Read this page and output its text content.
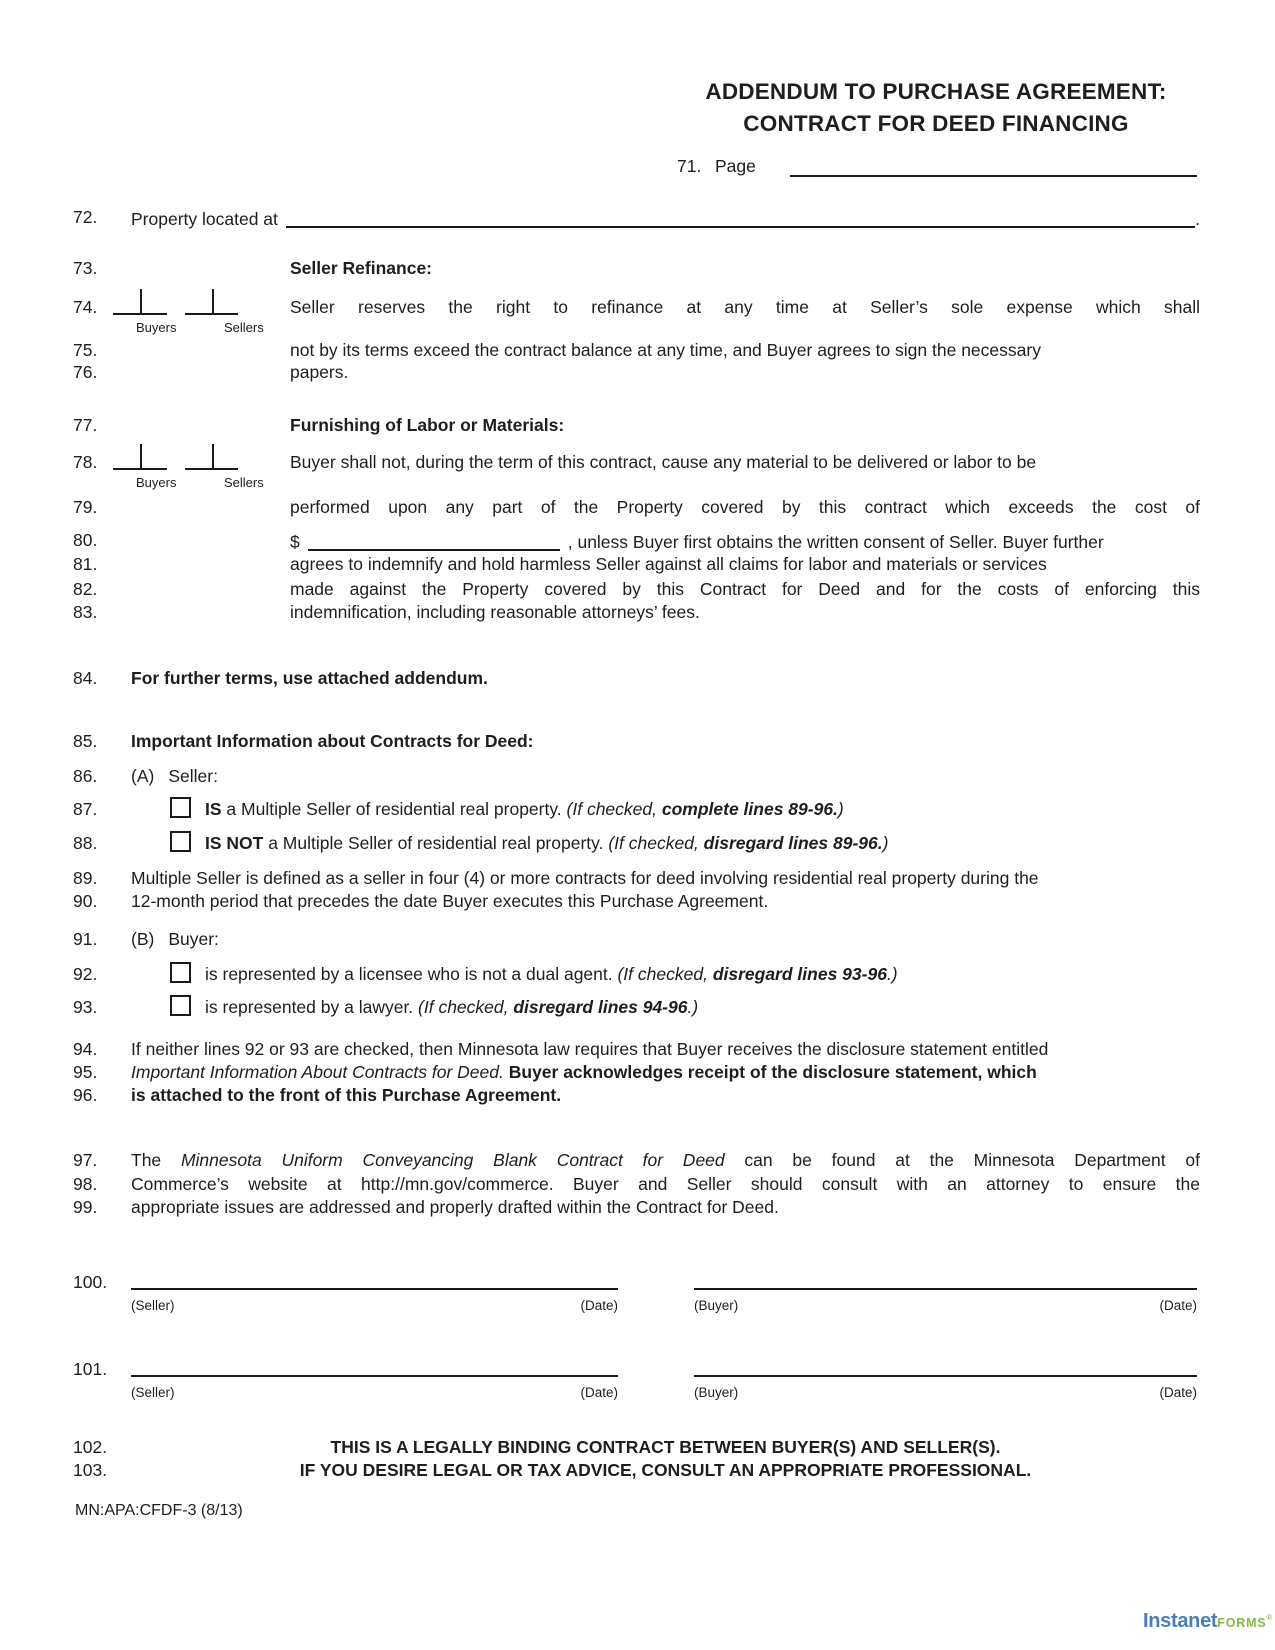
ADDENDUM TO PURCHASE AGREEMENT:
CONTRACT FOR DEED FINANCING
71. Page
72. Property located at	.
73.	Seller Refinance:
74.
Buyers	Sellers
Seller reserves the right to refinance at any time at Seller’s sole expense which shall
75.	not by its terms exceed the contract balance at any time, and Buyer agrees to sign the necessary
76.	papers.
77.	Furnishing of Labor or Materials:
78.
Buyers	Sellers
Buyer shall not, during the term of this contract, cause any material to be delivered or labor to be
79.	performed upon any part of the Property covered by this contract which exceeds the cost of
80.	$	, unless Buyer first obtains the written consent of Seller. Buyer further
81.	agrees to indemnify and hold harmless Seller against all claims for labor and materials or services
82.	made against the Property covered by this Contract for Deed and for the costs of enforcing this
83.	indemnification, including reasonable attorneys’ fees.
84. For further terms, use attached addendum.
85. Important Information about Contracts for Deed:
86. (A) Seller:
87.	IS a Multiple Seller of residential real property. (If checked, complete lines 89-96.)
88.	IS NOT a Multiple Seller of residential real property. (If checked, disregard lines 89-96.)
89. Multiple Seller is defined as a seller in four (4) or more contracts for deed involving residential real property during the
90. 12-month period that precedes the date Buyer executes this Purchase Agreement.
91. (B) Buyer:
92.	is represented by a licensee who is not a dual agent. (If checked, disregard lines 93-96.)
93.	is represented by a lawyer. (If checked, disregard lines 94-96.)
94. If neither lines 92 or 93 are checked, then Minnesota law requires that Buyer receives the disclosure statement entitled
95. Important Information About Contracts for Deed. Buyer acknowledges receipt of the disclosure statement, which
96. is attached to the front of this Purchase Agreement.
97. The Minnesota Uniform Conveyancing Blank Contract for Deed can be found at the Minnesota Department of
98. Commerce’s website at http://mn.gov/commerce. Buyer and Seller should consult with an attorney to ensure the
99. appropriate issues are addressed and properly drafted within the Contract for Deed.
100.
(Seller)	(Date)	(Buyer)	(Date)
101.
(Seller)	(Date)	(Buyer)	(Date)
102.	THIS IS A LEGALLY BINDING CONTRACT BETWEEN BUYER(S) AND SELLER(S).
103.	IF YOU DESIRE LEGAL OR TAX ADVICE, CONSULT AN APPROPRIATE PROFESSIONAL.
MN:APA:CFDF-3 (8/13)
InstanetFORMS®
